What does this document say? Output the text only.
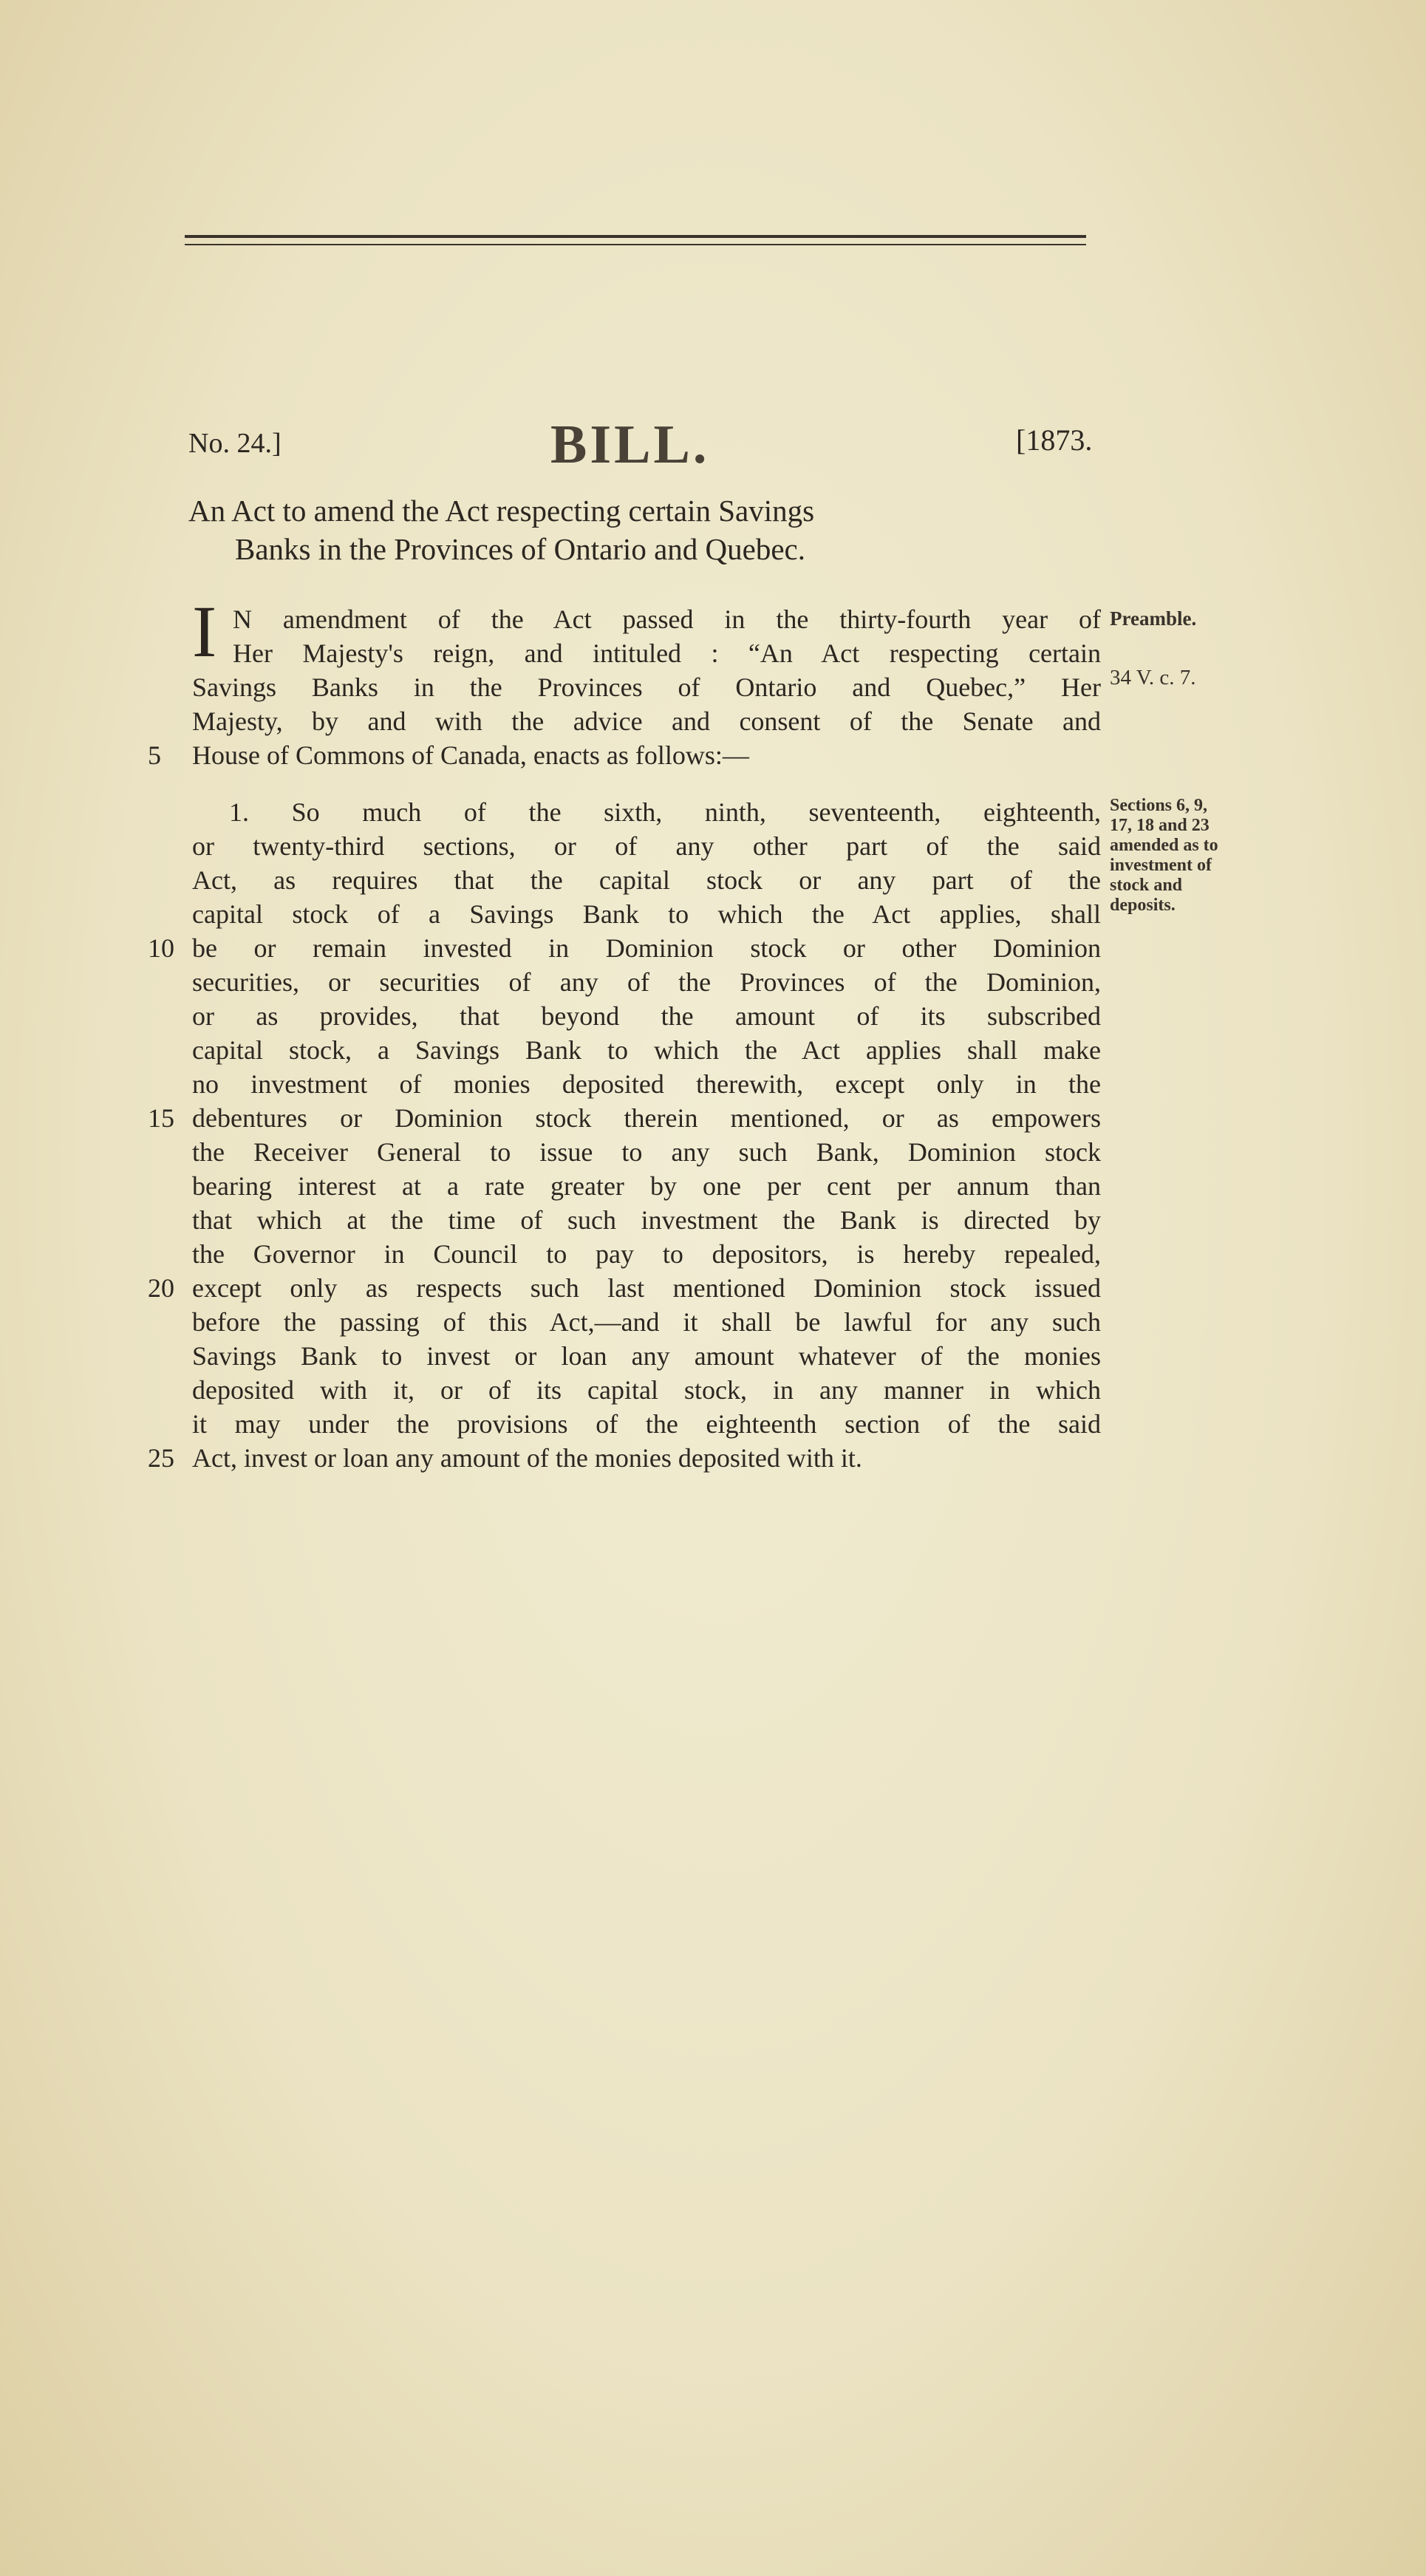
No. 24.]	BILL.	[1873.
An Act to amend the Act respecting certain Savings
Banks in the Provinces of Ontario and Quebec.
I N amendment of the Act passed in the thirty-fourth year of
Her Majesty's reign, and intituled : “An Act respecting certain
Savings Banks in the Provinces of Ontario and Quebec,” Her
Majesty, by and with the advice and consent of the Senate and
House of Commons of Canada, enacts as follows:—
5
1. So much of the sixth, ninth, seventeenth, eighteenth,
or twenty-third sections, or of any other part of the said
Act, as requires that the capital stock or any part of the
capital stock of a Savings Bank to which the Act applies, shall
be or remain invested in Dominion stock or other Dominion
securities, or securities of any of the Provinces of the Dominion,
or as provides, that beyond the amount of its subscribed
capital stock, a Savings Bank to which the Act applies shall make
no investment of monies deposited therewith, except only in the
debentures or Dominion stock therein mentioned, or as empowers
the Receiver General to issue to any such Bank, Dominion stock
bearing interest at a rate greater by one per cent per annum than
that which at the time of such investment the Bank is directed by
the Governor in Council to pay to depositors, is hereby repealed,
except only as respects such last mentioned Dominion stock issued
before the passing of this Act,—and it shall be lawful for any such
Savings Bank to invest or loan any amount whatever of the monies
deposited with it, or of its capital stock, in any manner in which
it may under the provisions of the eighteenth section of the said
Act, invest or loan any amount of the monies deposited with it.
10
15
20
25
Preamble.
34 V. c. 7.
Sections 6, 9,
17, 18 and 23
amended as to
investment of
stock and
deposits.
